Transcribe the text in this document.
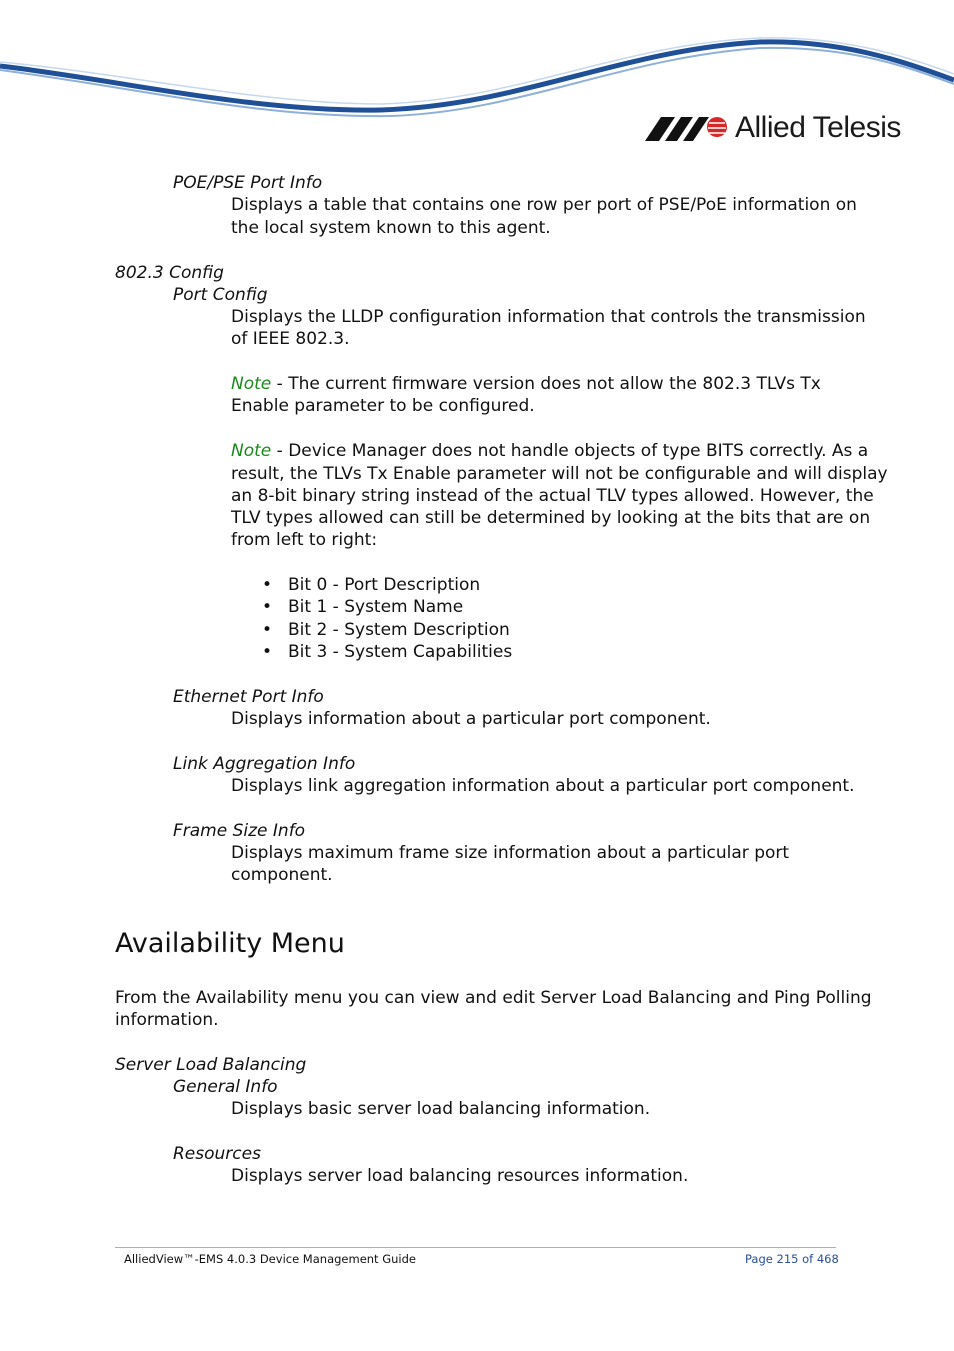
Allied Telesis
POE/PSE Port Info
Displays a table that contains one row per port of PSE/PoE information on
the local system known to this agent.
802.3 Config
Port Config
Displays the LLDP configuration information that controls the transmission
of IEEE 802.3.
Note - The current firmware version does not allow the 802.3 TLVs Tx
Enable parameter to be configured.
Note - Device Manager does not handle objects of type BITS correctly. As a
result, the TLVs Tx Enable parameter will not be configurable and will display
an 8-bit binary string instead of the actual TLV types allowed. However, the
TLV types allowed can still be determined by looking at the bits that are on
from left to right:
• Bit 0 - Port Description
• Bit 1 - System Name
• Bit 2 - System Description
• Bit 3 - System Capabilities
Ethernet Port Info
Displays information about a particular port component.
Link Aggregation Info
Displays link aggregation information about a particular port component.
Frame Size Info
Displays maximum frame size information about a particular port
component.
Availability Menu
From the Availability menu you can view and edit Server Load Balancing and Ping Polling
information.
Server Load Balancing
General Info
Displays basic server load balancing information.
Resources
Displays server load balancing resources information.
AlliedView™-EMS 4.0.3 Device Management Guide	Page 215 of 468
